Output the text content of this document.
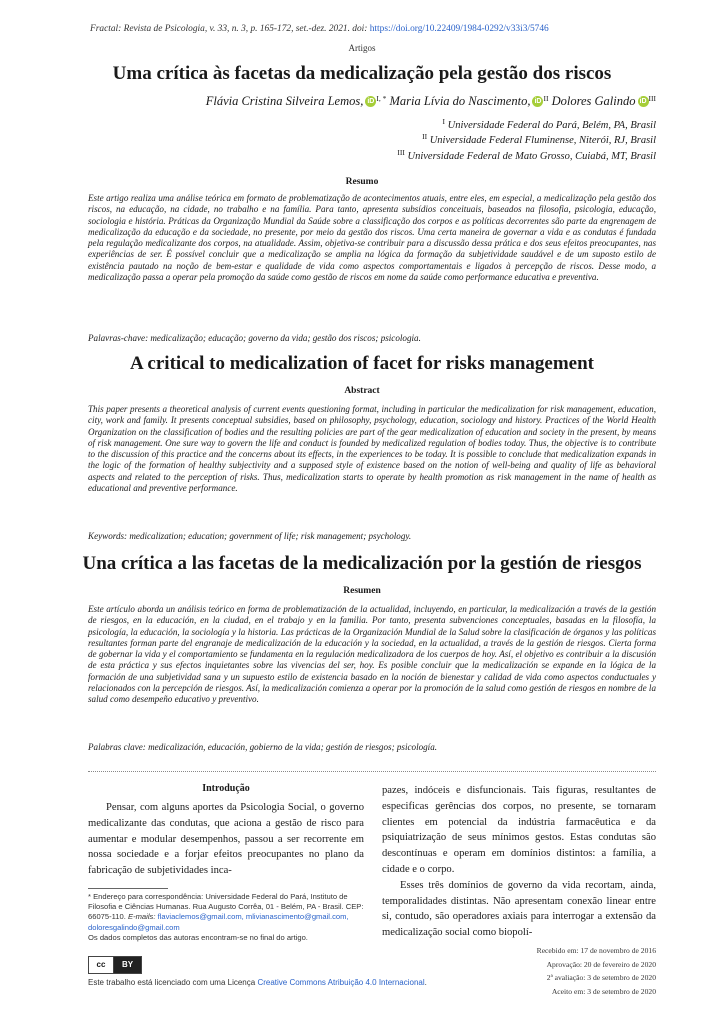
Fractal: Revista de Psicologia, v. 33, n. 3, p. 165-172, set.-dez. 2021. doi: https://doi.org/10.22409/1984-0292/v33i3/5746
Artigos
Uma crítica às facetas da medicalização pela gestão dos riscos
Flávia Cristina Silveira Lemos, iD $^{I, *}$ Maria Lívia do Nascimento, iD $^{II}$ Dolores Galindo iD $^{III}$
$^I$ Universidade Federal do Pará, Belém, PA, Brasil
$^{II}$ Universidade Federal Fluminense, Niterói, RJ, Brasil
$^{III}$ Universidade Federal de Mato Grosso, Cuiabá, MT, Brasil
Resumo
Este artigo realiza uma análise teórica em formato de problematização de acontecimentos atuais, entre eles, em especial, a medicalização pela gestão dos riscos, na educação, na cidade, no trabalho e na família. Para tanto, apresenta subsídios conceituais, baseados na filosofia, psicologia, educação, sociologia e história. Práticas da Organização Mundial da Saúde sobre a classificação dos corpos e as políticas decorrentes são parte da engrenagem de medicalização da educação e da sociedade, no presente, por meio da gestão dos riscos. Uma certa maneira de governar a vida e as condutas é fundada pela regulação medicalizante dos corpos, na atualidade. Assim, objetiva-se contribuir para a discussão dessa prática e dos seus efeitos preocupantes, nas experiências de ser. É possível concluir que a medicalização se amplia na lógica da formação da subjetividade saudável e de um suposto estilo de existência pautado na noção de bem-estar e qualidade de vida como aspectos comportamentais e ligados à percepção de riscos. Desse modo, a medicalização passa a operar pela promoção da saúde como gestão de riscos em nome da saúde como performance educativa e preventiva.
Palavras-chave: medicalização; educação; governo da vida; gestão dos riscos; psicologia.
A critical to medicalization of facet for risks management
Abstract
This paper presents a theoretical analysis of current events questioning format, including in particular the medicalization for risk management, education, city, work and family. It presents conceptual subsidies, based on philosophy, psychology, education, sociology and history. Practices of the World Health Organization on the classification of bodies and the resulting policies are part of the gear medicalization of education and society in the present, by means of risk management. One sure way to govern the life and conduct is founded by medicalized regulation of bodies today. Thus, the objective is to contribute to the discussion of this practice and the concerns about its effects, in the experiences to be today. It is possible to conclude that medicalization expands in the logic of the formation of healthy subjectivity and a supposed style of existence based on the notion of well-being and quality of life as behavioral aspects and related to the perception of risks. Thus, medicalization starts to operate by health promotion as risk management in the name of health as educational and preventive performance.
Keywords: medicalization; education; government of life; risk management; psychology.
Una crítica a las facetas de la medicalización por la gestión de riesgos
Resumen
Este artículo aborda un análisis teórico en forma de problematización de la actualidad, incluyendo, en particular, la medicalización a través de la gestión de riesgos, en la educación, en la ciudad, en el trabajo y en la familia. Por tanto, presenta subvenciones conceptuales, basadas en la filosofía, la psicología, la educación, la sociología y la historia. Las prácticas de la Organización Mundial de la Salud sobre la clasificación de órganos y las políticas resultantes forman parte del engranaje de medicalización de la educación y la sociedad, en la actualidad, a través de la gestión de riesgos. Cierta forma de gobernar la vida y el comportamiento se fundamenta en la regulación medicalizadora de los cuerpos de hoy. Así, el objetivo es contribuir a la discusión de esta práctica y sus efectos inquietantes sobre las vivencias del ser, hoy. Es posible concluir que la medicalización se expande en la lógica de la formación de una subjetividad sana y un supuesto estilo de existencia basado en la noción de bienestar y calidad de vida como aspectos conductuales y relacionados con la percepción de riesgos. Así, la medicalización comienza a operar por la promoción de la salud como gestión de riesgos en nombre de la salud como desempeño educativo y preventivo.
Palabras clave: medicalización, educación, gobierno de la vida; gestión de riesgos; psicología.
Introdução

Pensar, com alguns aportes da Psicologia Social, o governo medicalizante das condutas, que aciona a gestão de risco para aumentar e modular desempenhos, passou a ser recorrente em nossa sociedade e a forjar efeitos preocupantes no plano da fabricação de subjetividades inca-

pazes, indóceis e disfuncionais. Tais figuras, resultantes de especificas gerências dos corpos, no presente, se tornaram clientes em potencial da indústria farmacêutica e da psiquiatrização de seus mínimos gestos. Estas condutas são descontínuas e operam em domínios distintos: a família, a cidade e o corpo.

Esses três domínios de governo da vida recortam, ainda, temporalidades distintas. Não apresentam conexão linear entre si, contudo, são operadores axiais para interrogar a extensão da medicalização social como biopolí-

* Endereço para correspondência: Universidade Federal do Pará, Instituto de Filosofia e Ciências Humanas. Rua Augusto Corrêa, 01 - Belém, PA - Brasil. CEP: 66075-110. E-mails: flaviaclemos@gmail.com, mlivianascimento@gmail.com, doloresgalindo@gmail.com
Os dados completos das autoras encontram-se no final do artigo.
cc	BY
Este trabalho está licenciado com uma Licença Creative Commons Atribuição 4.0 Internacional.
Recebido em: 17 de novembro de 2016
Aprovação: 20 de fevereiro de 2020
2ª avaliação: 3 de setembro de 2020
Aceito em: 3 de setembro de 2020
